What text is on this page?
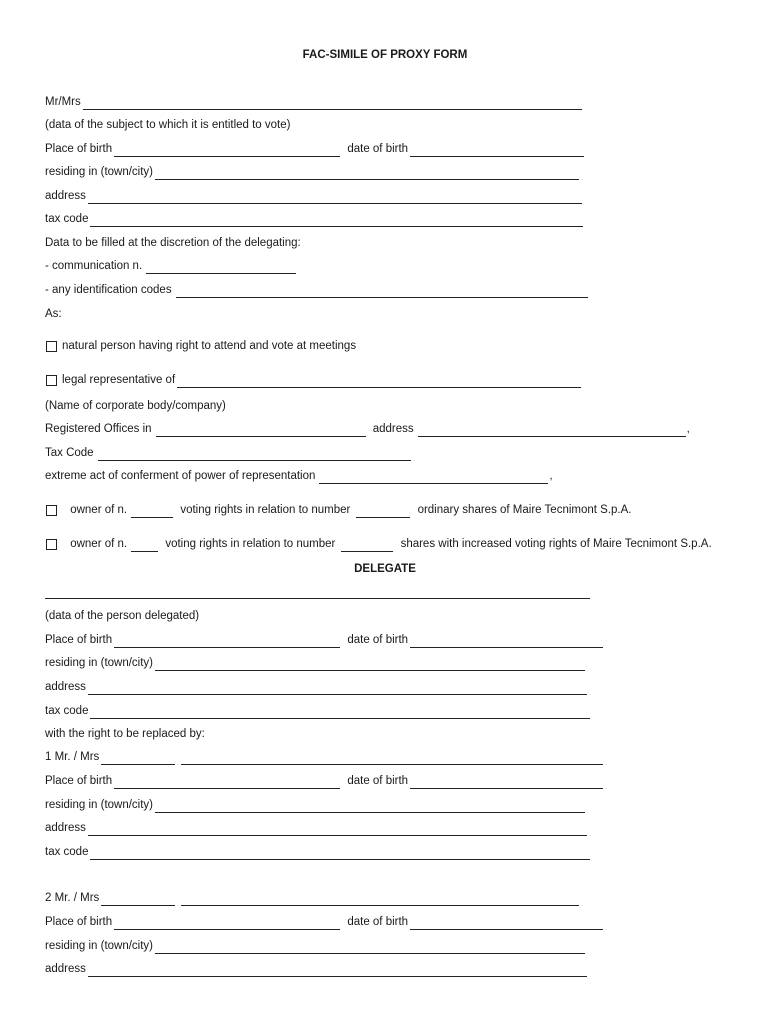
FAC-SIMILE OF PROXY FORM
Mr/Mrs
(data of the subject to which it is entitled to vote)
Place of birth	date of birth
residing in (town/city)
address
tax code
Data to be filled at the discretion of the delegating:
- communication n.
- any identification codes
As:
natural person having right to attend and vote at meetings
legal representative of
(Name of corporate body/company)
Registered Offices in	address	,
Tax Code
extreme act of conferment of power of representation	,
owner of n.	voting rights in relation to number	ordinary shares of Maire Tecnimont S.p.A.
owner of n.	voting rights in relation to number	shares with increased voting rights of Maire Tecnimont S.p.A.
DELEGATE
(data of the person delegated)
Place of birth	date of birth
residing in (town/city)
address
tax code
with the right to be replaced by:
1 Mr. / Mrs
Place of birth	date of birth
residing in (town/city)
address
tax code
2 Mr. / Mrs
Place of birth	date of birth
residing in (town/city)
address
